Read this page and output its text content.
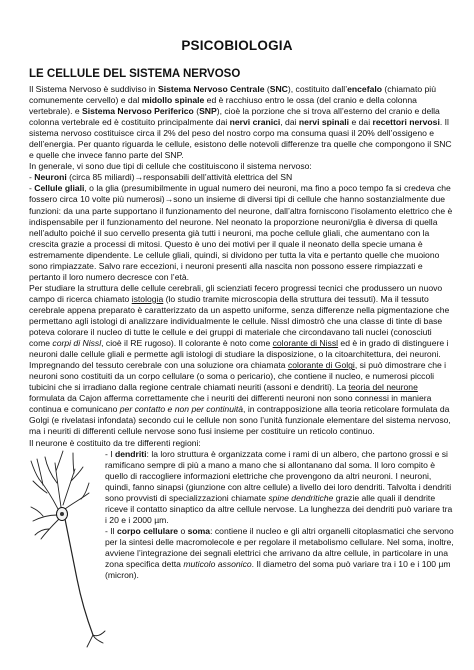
PSICOBIOLOGIA
LE CELLULE DEL SISTEMA NERVOSO

Il Sistema Nervoso è suddiviso in Sistema Nervoso Centrale (SNC), costituito dall’encefalo (chiamato più comunemente cervello) e dal midollo spinale ed è racchiuso entro le ossa (del cranio e della colonna vertebrale). e Sistema Nervoso Periferico (SNP), cioè la porzione che si trova all’esterno del cranio e della colonna vertebrale ed è costituito principalmente dai nervi cranici, dai nervi spinali e dai recettori nervosi. Il sistema nervoso costituisce circa il 2% del peso del nostro corpo ma consuma quasi il 20% dell’ossigeno e dell’energia. Per quanto riguarda le cellule, esistono delle notevoli differenze tra quelle che compongono il SNC e quelle che invece fanno parte del SNP.

In generale, vi sono due tipi di cellule che costituiscono il sistema nervoso:

- Neuroni (circa 85 miliardi)→responsabili dell’attività elettrica del SN

- Cellule gliali, o la glia (presumibilmente in ugual numero dei neuroni, ma fino a poco tempo fa si credeva che fossero circa 10 volte più numerosi)→sono un insieme di diversi tipi di cellule che hanno sostanzialmente due funzioni: da una parte supportano il funzionamento del neurone, dall’altra forniscono l’isolamento elettrico che è indispensabile per il funzionamento del neurone. Nel neonato la proporzione neuroni/glia è diversa di quella nell’adulto poiché il suo cervello presenta già tutti i neuroni, ma poche cellule gliali, che aumentano con la crescita grazie a processi di mitosi. Questo è uno dei motivi per il quale il neonato della specie umana è estremamente dipendente. Le cellule gliali, quindi, si dividono per tutta la vita e pertanto quelle che muoiono sono rimpiazzate. Salvo rare eccezioni, i neuroni presenti alla nascita non possono essere rimpiazzati e pertanto il loro numero decresce con l’età.

Per studiare la struttura delle cellule cerebrali, gli scienziati fecero progressi tecnici che produssero un nuovo campo di ricerca chiamato istologia (lo studio tramite microscopia della struttura dei tessuti). Ma il tessuto cerebrale appena preparato è caratterizzato da un aspetto uniforme, senza differenze nella pigmentazione che permettano agli istologi di analizzare individualmente le cellule. Nissl dimostrò che una classe di tinte di base poteva colorare il nucleo di tutte le cellule e dei gruppi di materiale che circondavano tali nuclei (conosciuti come corpi di Nissl, cioè il RE rugoso). Il colorante è noto come colorante di Nissl ed è in grado di distinguere i neuroni dalle cellule gliali e permette agli istologi di studiare la disposizione, o la citoarchitettura, dei neuroni. Impregnando del tessuto cerebrale con una soluzione ora chiamata colorante di Golgi, si può dimostrare che i neuroni sono costituiti da un corpo cellulare (o soma o pericario), che contiene il nucleo, e numerosi piccoli tubicini che si irradiano dalla regione centrale chiamati neuriti (assoni e dendriti). La teoria del neurone formulata da Cajon afferma correttamente che i neuriti dei differenti neuroni non sono connessi in maniera continua e comunicano per contatto e non per continuità, in contrapposizione alla teoria reticolare formulata da Golgi (e rivelatasi infondata) secondo cui le cellule non sono l’unità funzionale elementare del sistema nervoso, ma i neuriti di differenti cellule nervose sono fusi insieme per costituire un reticolo continuo.

Il neurone è costituito da tre differenti regioni:

- I dendriti: la loro struttura è organizzata come i rami di un albero, che partono grossi e si ramificano sempre di più a mano a mano che si allontanano dal soma. Il loro compito è quello di raccogliere informazioni elettriche che provengono da altri neuroni. I neuroni, quindi, fanno sinapsi (giunzione con altre cellule) a livello dei loro dendriti. Talvolta i dendriti sono provvisti di specializzazioni chiamate spine dendritiche grazie alle quali il dendrite riceve il contatto sinaptico da altre cellule nervose. La lunghezza dei dendriti può variare tra i 20 e i 2000 µm.

- Il corpo cellulare o soma: contiene il nucleo e gli altri organelli citoplasmatici che servono per la sintesi delle macromolecole e per regolare il metabolismo cellulare. Nel soma, inoltre, avviene l’integrazione dei segnali elettrici che arrivano da altre cellule, in particolare in una zona specifica detta muticolo assonico. Il diametro del soma può variare tra i 10 e i 100 µm (micron).
